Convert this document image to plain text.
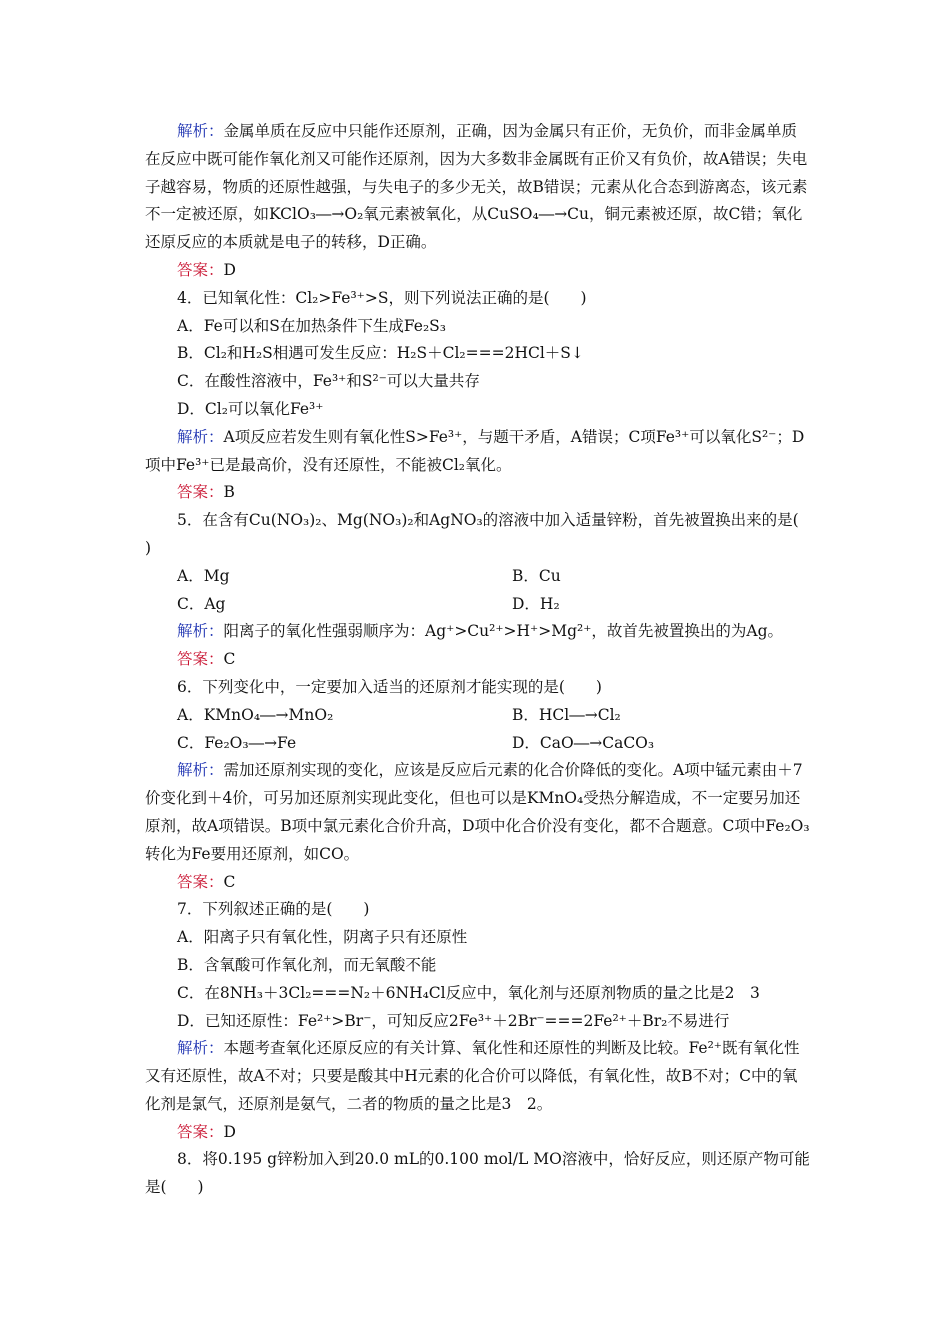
解析：金属单质在反应中只能作还原剂，正确，因为金属只有正价，无负价，而非金属单质在反应中既可能作氧化剂又可能作还原剂，因为大多数非金属既有正价又有负价，故A错误；失电子越容易，物质的还原性越强，与失电子的多少无关，故B错误；元素从化合态到游离态，该元素不一定被还原，如KClO₃―→O₂氧元素被氧化，从CuSO₄―→Cu，铜元素被还原，故C错；氧化还原反应的本质就是电子的转移，D正确。

答案：D

4．已知氧化性：Cl₂>Fe³⁺>S，则下列说法正确的是(　　)

A．Fe可以和S在加热条件下生成Fe₂S₃

B．Cl₂和H₂S相遇可发生反应：H₂S＋Cl₂===2HCl＋S↓

C．在酸性溶液中，Fe³⁺和S²⁻可以大量共存

D．Cl₂可以氧化Fe³⁺

解析：A项反应若发生则有氧化性S>Fe³⁺，与题干矛盾，A错误；C项Fe³⁺可以氧化S²⁻；D项中Fe³⁺已是最高价，没有还原性，不能被Cl₂氧化。

答案：B

5．在含有Cu(NO₃)₂、Mg(NO₃)₂和AgNO₃的溶液中加入适量锌粉，首先被置换出来的是(　　)

A．Mg	B．Cu
C．Ag	D．H₂

解析：阳离子的氧化性强弱顺序为：Ag⁺>Cu²⁺>H⁺>Mg²⁺，故首先被置换出的为Ag。

答案：C

6．下列变化中，一定要加入适当的还原剂才能实现的是(　　)

A．KMnO₄―→MnO₂	B．HCl―→Cl₂
C．Fe₂O₃―→Fe	D．CaO―→CaCO₃

解析：需加还原剂实现的变化，应该是反应后元素的化合价降低的变化。A项中锰元素由＋7价变化到＋4价，可另加还原剂实现此变化，但也可以是KMnO₄受热分解造成，不一定要另加还原剂，故A项错误。B项中氯元素化合价升高，D项中化合价没有变化，都不合题意。C项中Fe₂O₃转化为Fe要用还原剂，如CO。

答案：C

7．下列叙述正确的是(　　)

A．阳离子只有氧化性，阴离子只有还原性

B．含氧酸可作氧化剂，而无氧酸不能

C．在8NH₃＋3Cl₂===N₂＋6NH₄Cl反应中，氧化剂与还原剂物质的量之比是2　3

D．已知还原性：Fe²⁺>Br⁻，可知反应2Fe³⁺＋2Br⁻===2Fe²⁺＋Br₂不易进行

解析：本题考查氧化还原反应的有关计算、氧化性和还原性的判断及比较。Fe²⁺既有氧化性又有还原性，故A不对；只要是酸其中H元素的化合价可以降低，有氧化性，故B不对；C中的氧化剂是氯气，还原剂是氨气，二者的物质的量之比是3　2。

答案：D

8．将0.195 g锌粉加入到20.0 mL的0.100 mol/L MO溶液中，恰好反应，则还原产物可能是(　　)
